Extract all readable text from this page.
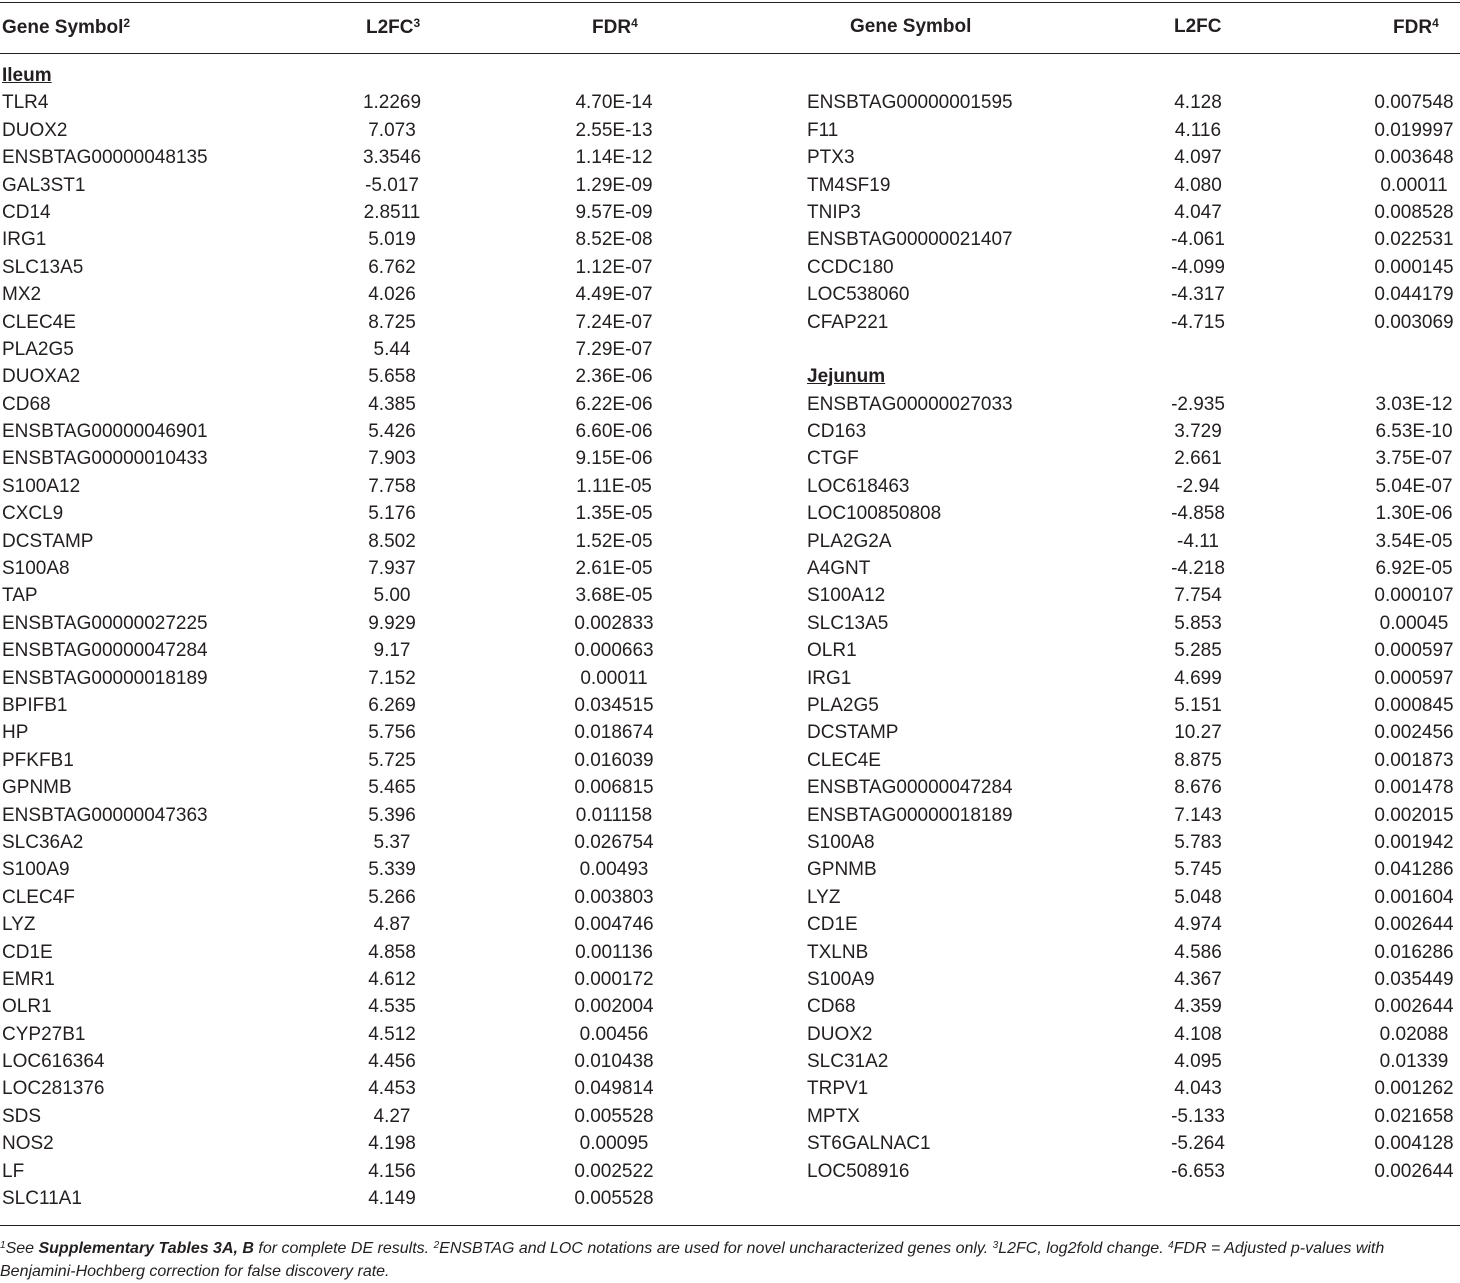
Gene Symbol$^2$	$L2FC^3$	FDR$^4$	Gene Symbol	L2FC	FDR$^4$
Ileum
TLR4	1.2269	4.70E-14
DUOX2	7.073	2.55E-13
ENSBTAG00000048135	3.3546	1.14E-12
GAL3ST1	-5.017	1.29E-09
CD14	2.8511	9.57E-09
IRG1	5.019	8.52E-08
SLC13A5	6.762	1.12E-07
MX2	4.026	4.49E-07
CLEC4E	8.725	7.24E-07
PLA2G5	5.44	7.29E-07
DUOXA2	5.658	2.36E-06
CD68	4.385	6.22E-06
ENSBTAG00000046901	5.426	6.60E-06
ENSBTAG00000010433	7.903	9.15E-06
S100A12	7.758	1.11E-05
CXCL9	5.176	1.35E-05
DCSTAMP	8.502	1.52E-05
S100A8	7.937	2.61E-05
TAP	5.00	3.68E-05
ENSBTAG00000027225	9.929	0.002833
ENSBTAG00000047284	9.17	0.000663
ENSBTAG00000018189	7.152	0.00011
BPIFB1	6.269	0.034515
HP	5.756	0.018674
PFKFB1	5.725	0.016039
GPNMB	5.465	0.006815
ENSBTAG00000047363	5.396	0.011158
SLC36A2	5.37	0.026754
S100A9	5.339	0.00493
CLEC4F	5.266	0.003803
LYZ	4.87	0.004746
CD1E	4.858	0.001136
EMR1	4.612	0.000172
OLR1	4.535	0.002004
CYP27B1	4.512	0.00456
LOC616364	4.456	0.010438
LOC281376	4.453	0.049814
SDS	4.27	0.005528
NOS2	4.198	0.00095
LF	4.156	0.002522
SLC11A1	4.149	0.005528
ENSBTAG00000001595	4.128	0.007548
F11	4.116	0.019997
PTX3	4.097	0.003648
TM4SF19	4.080	0.00011
TNIP3	4.047	0.008528
ENSBTAG00000021407	-4.061	0.022531
CCDC180	-4.099	0.000145
LOC538060	-4.317	0.044179
CFAP221	-4.715	0.003069
Jejunum
ENSBTAG00000027033	-2.935	3.03E-12
CD163	3.729	6.53E-10
CTGF	2.661	3.75E-07
LOC618463	-2.94	5.04E-07
LOC100850808	-4.858	1.30E-06
PLA2G2A	-4.11	3.54E-05
A4GNT	-4.218	6.92E-05
S100A12	7.754	0.000107
SLC13A5	5.853	0.00045
OLR1	5.285	0.000597
IRG1	4.699	0.000597
PLA2G5	5.151	0.000845
DCSTAMP	10.27	0.002456
CLEC4E	8.875	0.001873
ENSBTAG00000047284	8.676	0.001478
ENSBTAG00000018189	7.143	0.002015
S100A8	5.783	0.001942
GPNMB	5.745	0.041286
LYZ	5.048	0.001604
CD1E	4.974	0.002644
TXLNB	4.586	0.016286
S100A9	4.367	0.035449
CD68	4.359	0.002644
DUOX2	4.108	0.02088
SLC31A2	4.095	0.01339
TRPV1	4.043	0.001262
MPTX	-5.133	0.021658
ST6GALNAC1	-5.264	0.004128
LOC508916	-6.653	0.002644
$^1$See Supplementary Tables 3A, B for complete DE results. $^2$ENSBTAG and LOC notations are used for novel uncharacterized genes only. $^3$L2FC, log2fold change. $^4$FDR = Adjusted p-values with Benjamini-Hochberg correction for false discovery rate.
